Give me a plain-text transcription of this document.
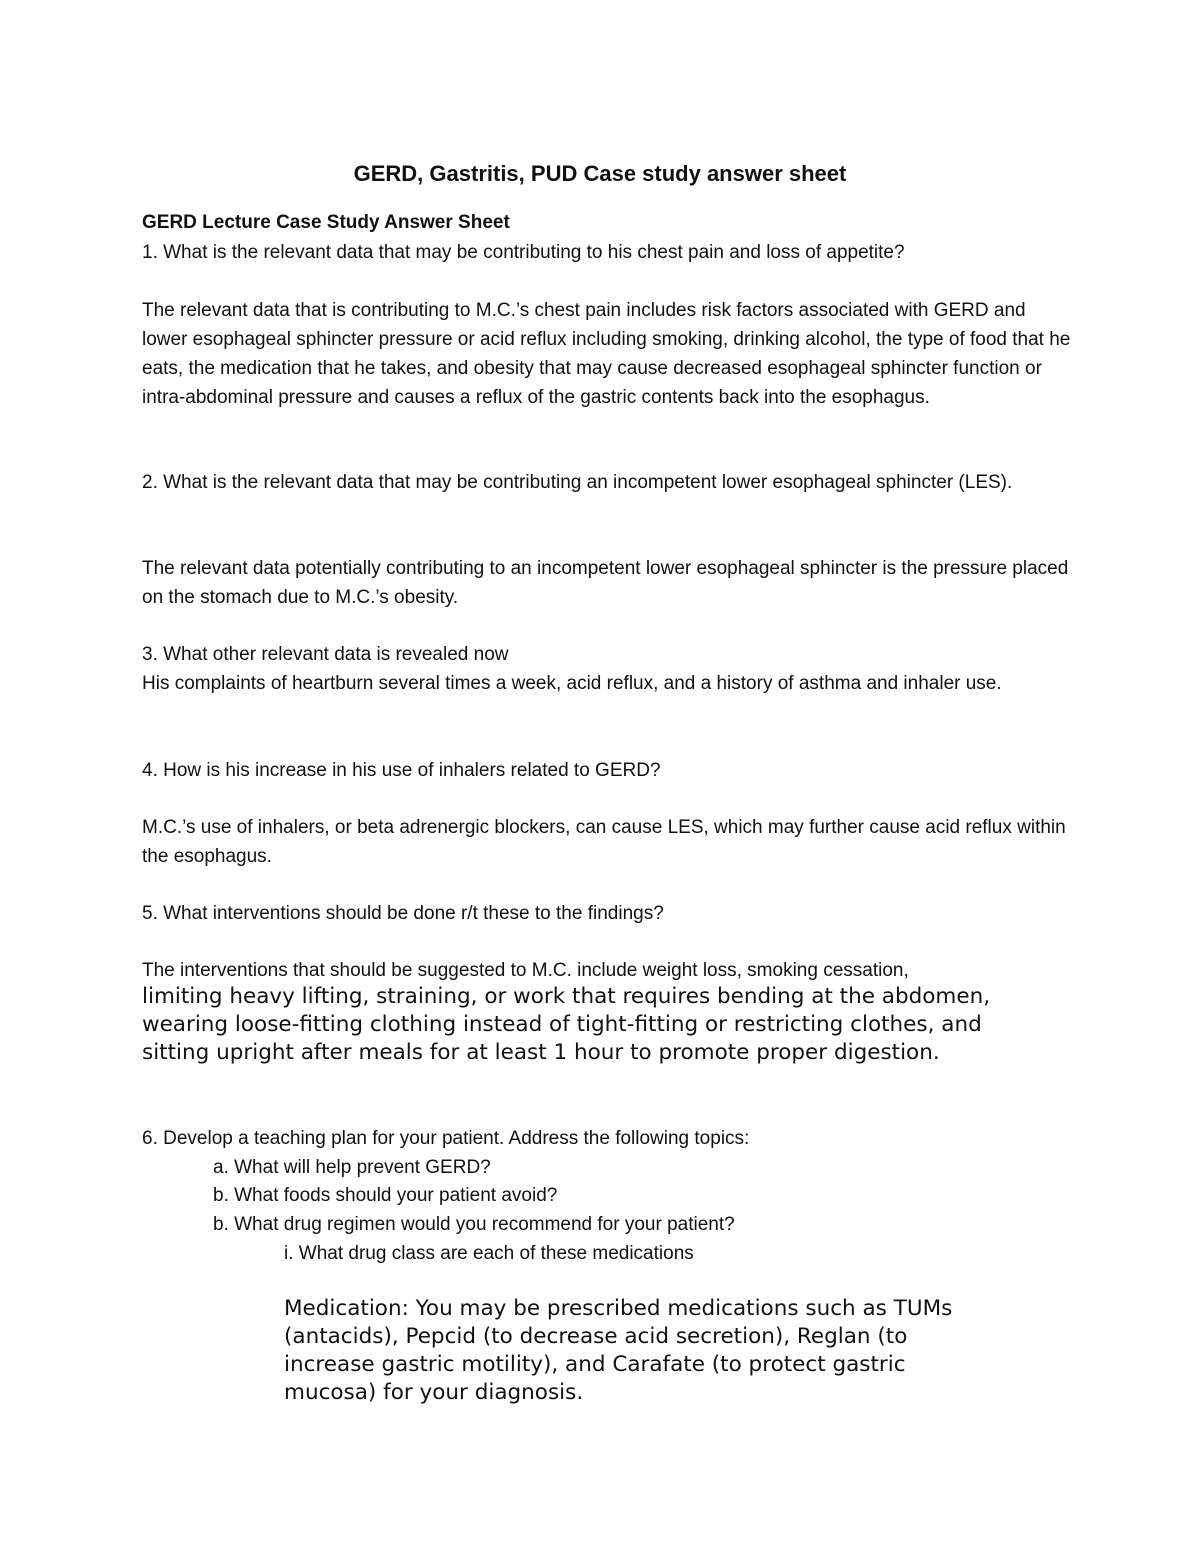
GERD, Gastritis, PUD Case study answer sheet

GERD Lecture Case Study Answer Sheet

1. What is the relevant data that may be contributing to his chest pain and loss of appetite?

The relevant data that is contributing to M.C.’s chest pain includes risk factors associated with GERD and lower esophageal sphincter pressure or acid reflux including smoking, drinking alcohol, the type of food that he eats, the medication that he takes, and obesity that may cause decreased esophageal sphincter function or intra-abdominal pressure and causes a reflux of the gastric contents back into the esophagus.

2. What is the relevant data that may be contributing an incompetent lower esophageal sphincter (LES).

The relevant data potentially contributing to an incompetent lower esophageal sphincter is the pressure placed on the stomach due to M.C.’s obesity.

3. What other relevant data is revealed now

His complaints of heartburn several times a week, acid reflux, and a history of asthma and inhaler use.

4. How is his increase in his use of inhalers related to GERD?

M.C.’s use of inhalers, or beta adrenergic blockers, can cause LES, which may further cause acid reflux within the esophagus.

5. What interventions should be done r/t these to the findings?

The interventions that should be suggested to M.C. include weight loss, smoking cessation,

limiting heavy lifting, straining, or work that requires bending at the abdomen, wearing loose-fitting clothing instead of tight-fitting or restricting clothes, and sitting upright after meals for at least 1 hour to promote proper digestion.

6. Develop a teaching plan for your patient. Address the following topics:

a. What will help prevent GERD?

b. What foods should your patient avoid?

b. What drug regimen would you recommend for your patient?

i. What drug class are each of these medications

Medication: You may be prescribed medications such as TUMs (antacids), Pepcid (to decrease acid secretion), Reglan (to increase gastric motility), and Carafate (to protect gastric mucosa) for your diagnosis.
